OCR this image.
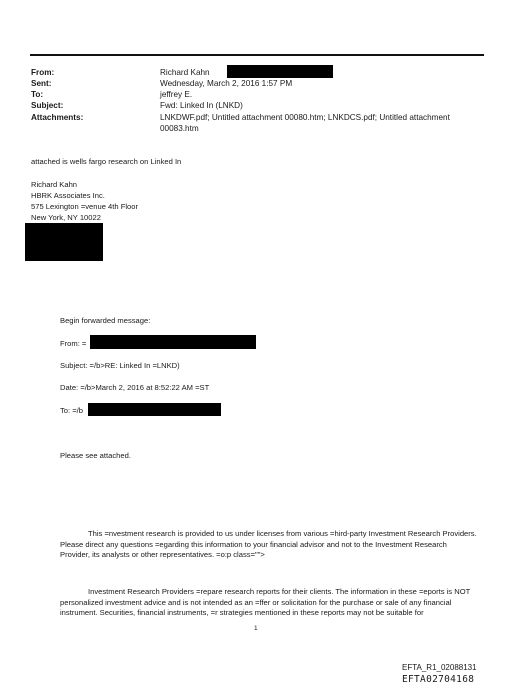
From:	Richard Kahn
Sent:	Wednesday, March 2, 2016 1:57 PM
To:	jeffrey E.
Subject:	Fwd: Linked In (LNKD)
Attachments:	LNKDWF.pdf; Untitled attachment 00080.htm; LNKDCS.pdf; Untitled attachment 00083.htm
attached is wells fargo research on Linked In
Richard Kahn
HBRK Associates Inc.
575 Lexington =venue 4th Floor
New York, NY 10022
Begin forwarded message:
From: =
Subject: =/b>RE: Linked In =LNKD)
Date: =/b>March 2, 2016 at 8:52:22 AM =ST
To: =/b
Please see attached.
This =nvestment research is provided to us under licenses from various =hird-party Investment Research Providers. Please direct any questions =egarding this information to your financial advisor and not to the Investment Research Provider, its analysts or other representatives. =o:p class="">
Investment Research Providers =repare research reports for their clients. The information in these =eports is NOT personalized investment advice and is not intended as an =ffer or solicitation for the purchase or sale of any financial instrument. Securities, financial instruments, =r strategies mentioned in these reports may not be suitable for
1
EFTA_R1_02088131
EFTA02704168
